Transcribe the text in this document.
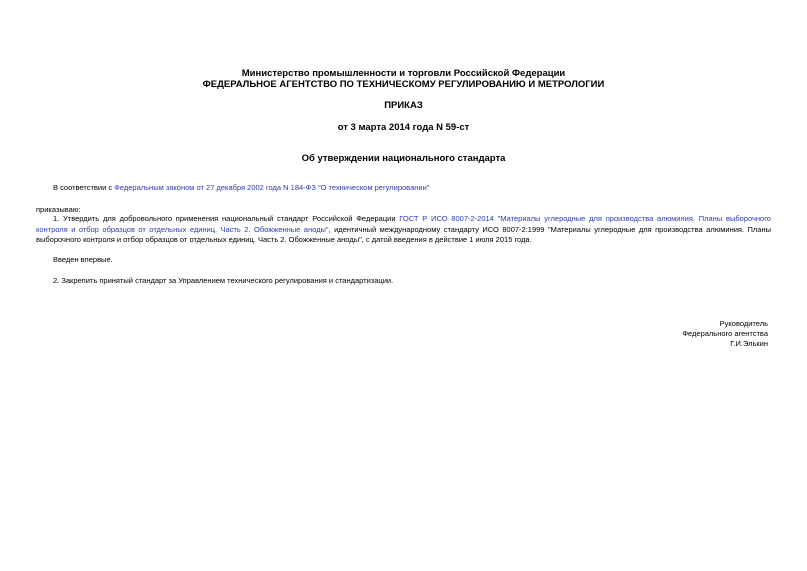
Министерство промышленности и торговли Российской Федерации
ФЕДЕРАЛЬНОЕ АГЕНТСТВО ПО ТЕХНИЧЕСКОМУ РЕГУЛИРОВАНИЮ И МЕТРОЛОГИИ
ПРИКАЗ
от 3 марта 2014 года N 59-ст
Об утверждении национального стандарта
В соответствии с Федеральным законом от 27 декабря 2002 года N 184-ФЗ "О техническом регулировании"
приказываю:
1. Утвердить для добровольного применения национальный стандарт Российской Федерации ГОСТ Р ИСО 8007-2-2014 "Материалы углеродные для производства алюминия. Планы выборочного контроля и отбор образцов от отдельных единиц. Часть 2. Обожженные аноды", идентичный международному стандарту ИСО 8007-2:1999 "Материалы углеродные для производства алюминия. Планы выборочного контроля и отбор образцов от отдельных единиц. Часть 2. Обожженные аноды", с датой введения в действие 1 июля 2015 года.
Введен впервые.
2. Закрепить принятый стандарт за Управлением технического регулирования и стандартизации.
Руководитель
Федерального агентства
Г.И.Элькин
